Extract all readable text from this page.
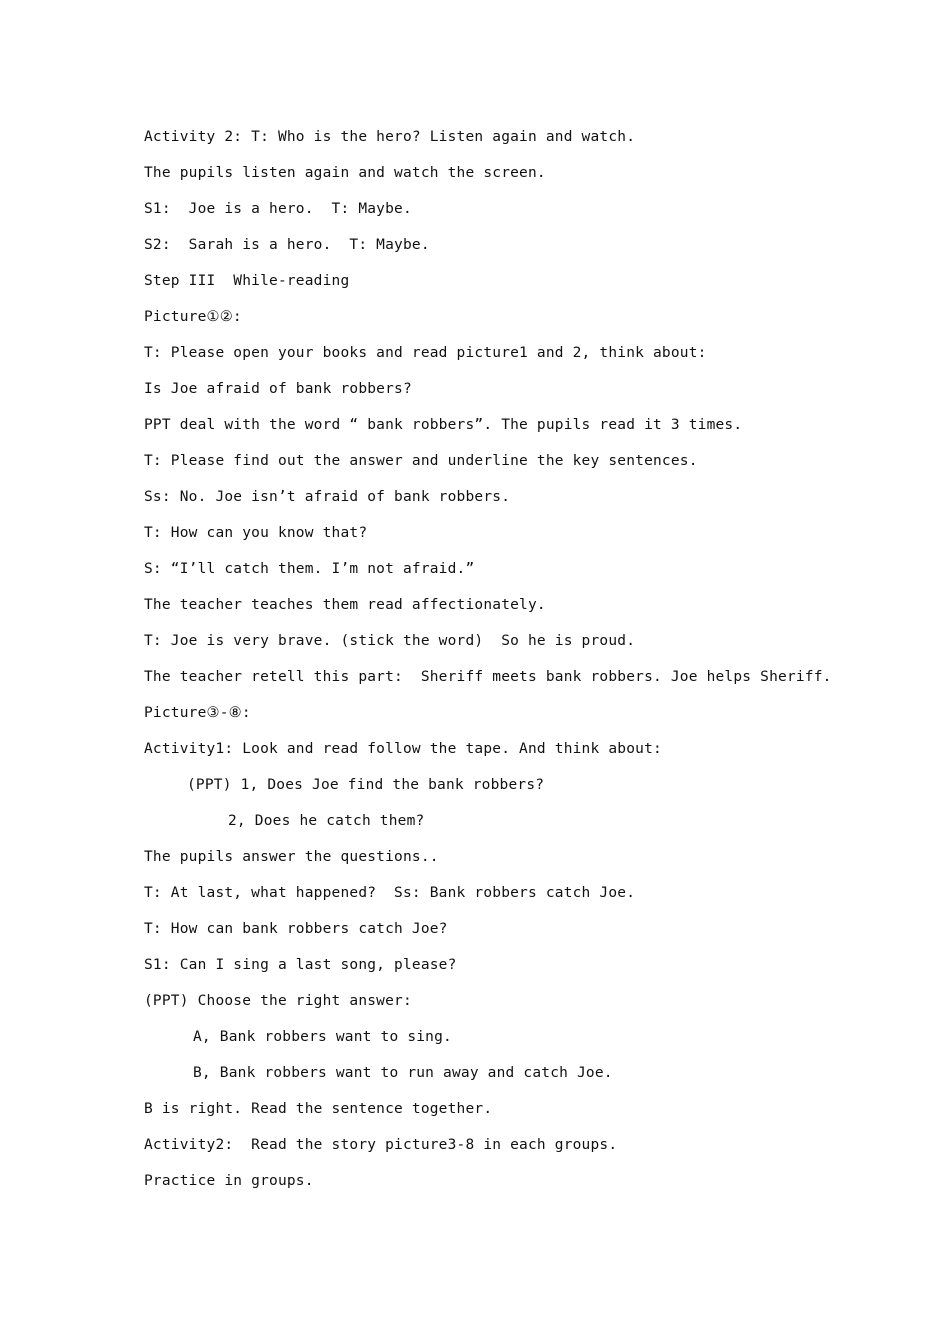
Activity 2: T: Who is the hero? Listen again and watch.
The pupils listen again and watch the screen.
S1:  Joe is a hero.  T: Maybe.
S2:  Sarah is a hero.  T: Maybe.
Step III  While-reading
Picture①②:
T: Please open your books and read picture1 and 2, think about:
Is Joe afraid of bank robbers?
PPT deal with the word “ bank robbers”. The pupils read it 3 times.
T: Please find out the answer and underline the key sentences.
Ss: No. Joe isn’t afraid of bank robbers.
T: How can you know that?
S: “I’ll catch them. I’m not afraid.”
The teacher teaches them read affectionately.
T: Joe is very brave. (stick the word)  So he is proud.
The teacher retell this part:  Sheriff meets bank robbers. Joe helps Sheriff.
Picture③-⑧:
Activity1: Look and read follow the tape. And think about:
(PPT) 1, Does Joe find the bank robbers?
2, Does he catch them?
The pupils answer the questions..
T: At last, what happened?  Ss: Bank robbers catch Joe.
T: How can bank robbers catch Joe?
S1: Can I sing a last song, please?
(PPT) Choose the right answer:
A, Bank robbers want to sing.
B, Bank robbers want to run away and catch Joe.
B is right. Read the sentence together.
Activity2:  Read the story picture3-8 in each groups.
Practice in groups.
